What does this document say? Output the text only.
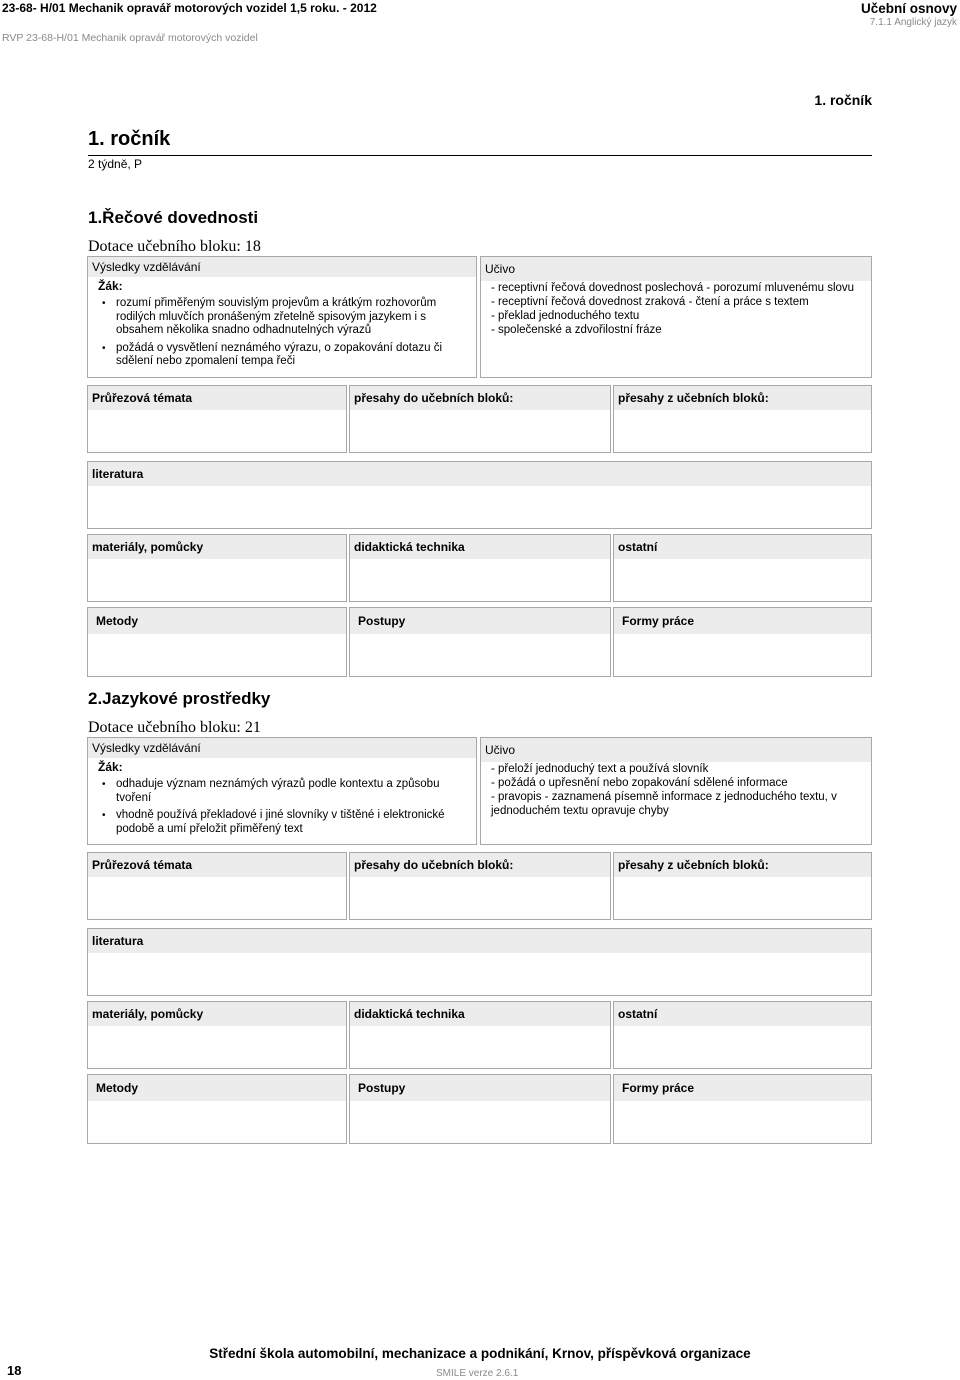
23-68- H/01 Mechanik opravář motorových vozidel 1,5 roku. - 2012
RVP 23-68-H/01 Mechanik opravář motorových vozidel
Učební osnovy
7.1.1 Anglický jazyk
1. ročník
1. ročník
2 týdně, P
1.Řečové dovednosti
Dotace učebního bloku: 18
Výsledky vzdělávání
Žák:
• rozumí přiměřeným souvislým projevům a krátkým rozhovorům rodilých mluvčích pronášeným zřetelně spisovým jazykem i s obsahem několika snadno odhadnutelných výrazů
• požádá o vysvětlení neznámého výrazu, o zopakování dotazu či sdělení nebo zpomalení tempa řeči
Učivo
- receptivní řečová dovednost poslechová - porozumí mluvenému slovu
- receptivní řečová dovednost zraková - čtení a práce s textem
- překlad jednoduchého textu
- společenské a zdvořilostní fráze
Průřezová témata	přesahy do učebních bloků:	přesahy z učebních bloků:
literatura
materiály, pomůcky	didaktická technika	ostatní
Metody	Postupy	Formy práce
2.Jazykové prostředky
Dotace učebního bloku: 21
Výsledky vzdělávání
Žák:
• odhaduje význam neznámých výrazů podle kontextu a způsobu tvoření
• vhodně používá překladové i jiné slovníky v tištěné i elektronické podobě a umí přeložit přiměřený text
Učivo
- přeloží jednoduchý text a používá slovník
- požádá o upřesnění nebo zopakování sdělené informace
- pravopis - zaznamená písemně informace z jednoduchého textu, v jednoduchém textu opravuje chyby
Průřezová témata	přesahy do učebních bloků:	přesahy z učebních bloků:
literatura
materiály, pomůcky	didaktická technika	ostatní
Metody	Postupy	Formy práce
18
Střední škola automobilní, mechanizace a podnikání, Krnov, příspěvková organizace
SMILE verze 2.6.1
